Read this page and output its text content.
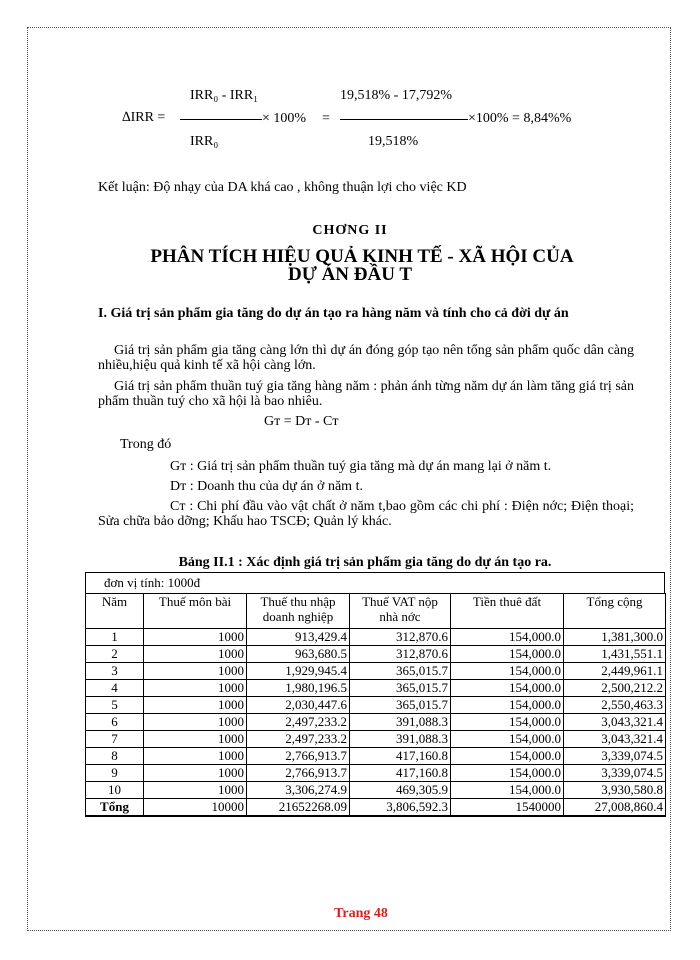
IRR₀ - IRR₁
IRR₀
∆IRR =	× 100% =
19,518% - 17,792%
19,518%
×100% = 8,84%%
Kết luận: Độ nhạy của DA khá cao , không thuận lợi cho việc KD
CHƠNG II
PHÂN TÍCH HIỆU QUẢ KINH TẾ - XÃ HỘI CỦA
DỰ ÁN ĐẦU T
I. Giá trị sản phẩm gia tăng do dự án tạo ra hàng năm và tính cho cả đời dự án
Giá trị sản phẩm gia tăng càng lớn thì dự án đóng góp tạo nên tổng sản phẩm quốc dân càng nhiều,hiệu quả kinh tế xã hội càng lớn.
Giá trị sản phẩm thuần tuý gia tăng hàng năm : phản ánh từng năm dự án làm tăng giá trị sản phẩm thuần tuý cho xã hội là bao nhiêu.
Gᴛ = Dᴛ - Cᴛ
Trong đó
Gᴛ : Giá trị sản phẩm thuần tuý gia tăng mà dự án mang lại ở năm t.
Dᴛ : Doanh thu của dự án ở năm t.
Cᴛ : Chi phí đầu vào vật chất ở năm t,bao gồm các chi phí : Điện nớc; Điện thoại; Sửa chữa bảo dỡng; Khấu hao TSCĐ; Quản lý khác.
Bảng II.1 : Xác định giá trị sản phẩm gia tăng do dự án tạo ra.
đơn vị tính: 1000đ
Năm	Thuế môn bài	Thuế thu nhập doanh nghiệp	Thuế VAT nộp nhà nớc	Tiền thuê đất	Tổng cộng
1	1000	913,429.4	312,870.6	154,000.0	1,381,300.0
2	1000	963,680.5	312,870.6	154,000.0	1,431,551.1
3	1000	1,929,945.4	365,015.7	154,000.0	2,449,961.1
4	1000	1,980,196.5	365,015.7	154,000.0	2,500,212.2
5	1000	2,030,447.6	365,015.7	154,000.0	2,550,463.3
6	1000	2,497,233.2	391,088.3	154,000.0	3,043,321.4
7	1000	2,497,233.2	391,088.3	154,000.0	3,043,321.4
8	1000	2,766,913.7	417,160.8	154,000.0	3,339,074.5
9	1000	2,766,913.7	417,160.8	154,000.0	3,339,074.5
10	1000	3,306,274.9	469,305.9	154,000.0	3,930,580.8
Tổng	10000	21652268.09	3,806,592.3	1540000	27,008,860.4
Trang 48
